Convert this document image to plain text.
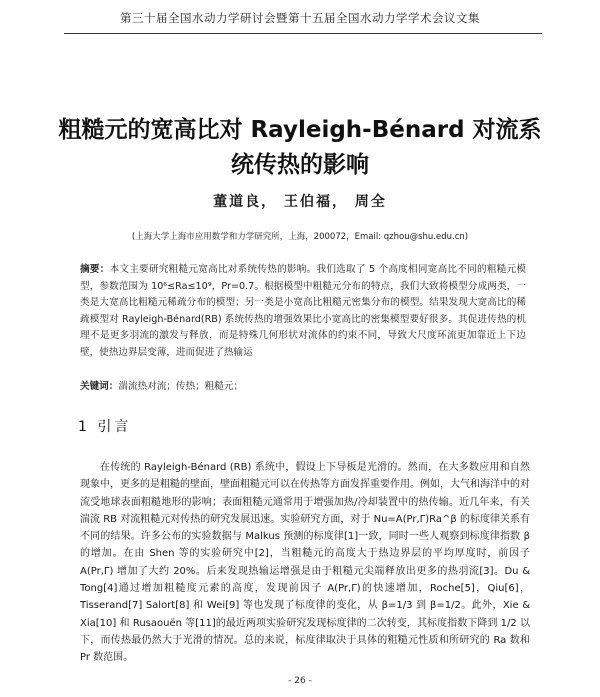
第三十届全国水动力学研讨会暨第十五届全国水动力学学术会议文集
粗糙元的宽高比对 Rayleigh-Bénard 对流系
统传热的影响
董道良， 王伯福， 周全
(上海大学上海市应用数学和力学研究所，上海，200072，Email: qzhou@shu.edu.cn)
摘要：本文主要研究粗糙元宽高比对系统传热的影响。我们选取了 5 个高度相同宽高比不同的粗糙元模型，参数范围为 10⁶≤Ra≤10⁹，Pr=0.7。根据模型中粗糙元分布的特点，我们大致将模型分成两类，一类是大宽高比粗糙元稀疏分布的模型；另一类是小宽高比粗糙元密集分布的模型。结果发现大宽高比的稀疏模型对 Rayleigh-Bénard(RB) 系统传热的增强效果比小宽高比的密集模型要好很多。其促进传热的机理不是更多羽流的激发与释放，而是特殊几何形状对流体的约束不同，导致大尺度环流更加靠近上下边壁，使热边界层变薄，进而促进了热输运
关键词：湍流热对流；传热；粗糙元；
1 引言
在传统的 Rayleigh-Bénard (RB) 系统中，假设上下导板是光滑的。然而，在大多数应用和自然现象中，更多的是粗糙的壁面，壁面粗糙元可以在传热等方面发挥重要作用。例如，大气和海洋中的对流受地球表面粗糙地形的影响；表面粗糙元通常用于增强加热/冷却装置中的热传输。近几年来，有关湍流 RB 对流粗糙元对传热的研究发展迅速。实验研究方面，对于 Nu=A(Pr,Γ)Ra^β 的标度律关系有不同的结果。许多公布的实验数据与 Malkus 预测的标度律[1]一致，同时一些人观察到标度律指数 β 的增加。在由 Shen 等的实验研究中[2]，当粗糙元的高度大于热边界层的平均厚度时，前因子 A(Pr,Γ) 增加了大约 20%。后来发现热输运增强是由于粗糙元尖端释放出更多的热羽流[3]。Du & Tong[4]通过增加粗糙度元素的高度，发现前因子 A(Pr,Γ)的快速增加，Roche[5]，Qiu[6]，Tisserand[7] Salort[8] 和 Wei[9] 等也发现了标度律的变化，从 β=1/3 到 β=1/2。此外，Xie & Xia[10] 和 Rusaouën 等[11]的最近两项实验研究发现标度律的二次转变，其标度指数下降到 1/2 以下，而传热最仍然大于光滑的情况。总的来说，标度律取决于具体的粗糙元性质和所研究的 Ra 数和 Pr 数范围。
- 26 -
